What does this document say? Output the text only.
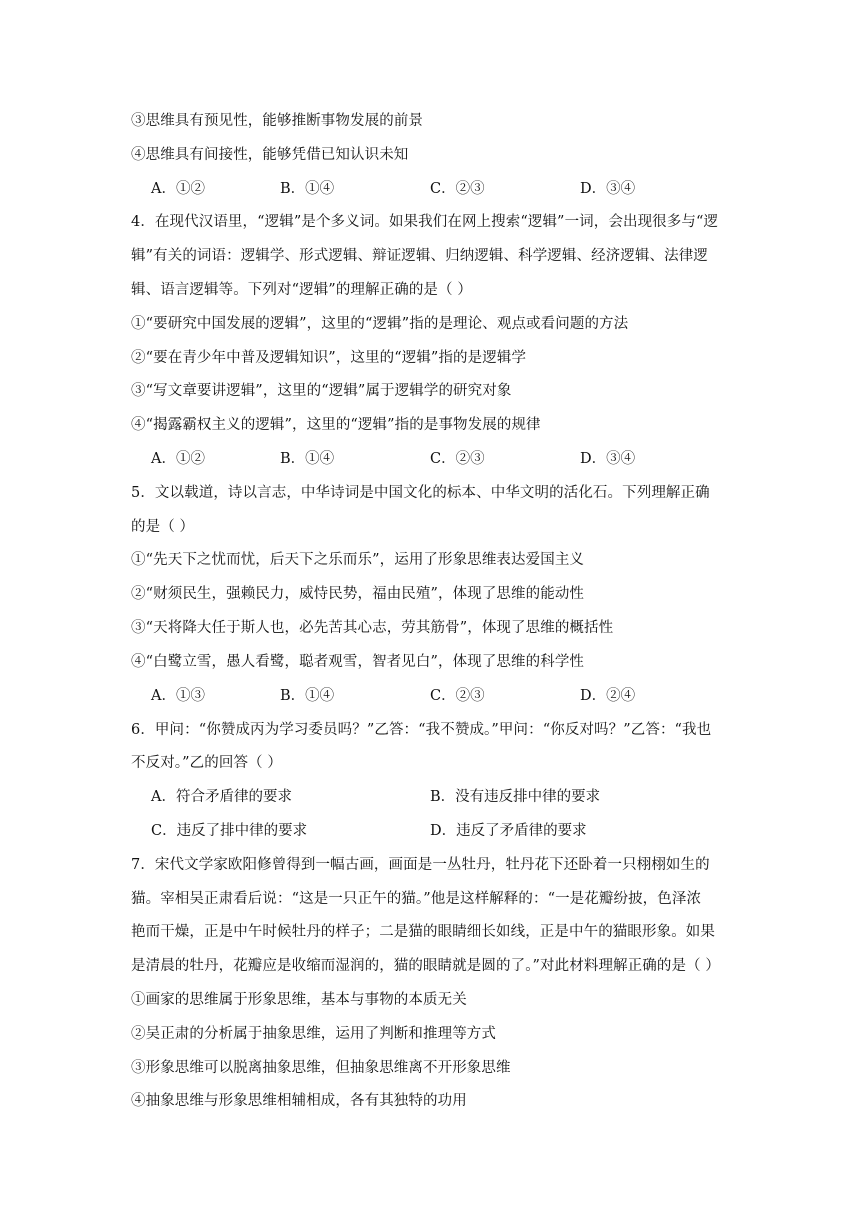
③思维具有预见性，能够推断事物发展的前景
④思维具有间接性，能够凭借已知认识未知
A．①②	B．①④	C．②③	D．③④
4．在现代汉语里，“逻辑”是个多义词。如果我们在网上搜索“逻辑”一词，会出现很多与“逻
辑”有关的词语：逻辑学、形式逻辑、辩证逻辑、归纳逻辑、科学逻辑、经济逻辑、法律逻
辑、语言逻辑等。下列对“逻辑”的理解正确的是（ ）
①“要研究中国发展的逻辑”，这里的“逻辑”指的是理论、观点或看问题的方法
②“要在青少年中普及逻辑知识”，这里的“逻辑”指的是逻辑学
③“写文章要讲逻辑”，这里的“逻辑”属于逻辑学的研究对象
④“揭露霸权主义的逻辑”，这里的“逻辑”指的是事物发展的规律
A．①②	B．①④	C．②③	D．③④
5．文以载道，诗以言志，中华诗词是中国文化的标本、中华文明的活化石。下列理解正确
的是（ ）
①“先天下之忧而忧，后天下之乐而乐”，运用了形象思维表达爱国主义
②“财须民生，强赖民力，威恃民势，福由民殖”，体现了思维的能动性
③“天将降大任于斯人也，必先苦其心志，劳其筋骨”，体现了思维的概括性
④“白鹭立雪，愚人看鹭，聪者观雪，智者见白”，体现了思维的科学性
A．①③	B．①④	C．②③	D．②④
6．甲问：“你赞成丙为学习委员吗？”乙答：“我不赞成。”甲问：“你反对吗？”乙答：“我也
不反对。”乙的回答（ ）
A．符合矛盾律的要求	B．没有违反排中律的要求
C．违反了排中律的要求	D．违反了矛盾律的要求
7．宋代文学家欧阳修曾得到一幅古画，画面是一丛牡丹，牡丹花下还卧着一只栩栩如生的
猫。宰相吴正肃看后说：“这是一只正午的猫。”他是这样解释的：“一是花瓣纷披，色泽浓
艳而干燥，正是中午时候牡丹的样子；二是猫的眼睛细长如线，正是中午的猫眼形象。如果
是清晨的牡丹，花瓣应是收缩而湿润的，猫的眼睛就是圆的了。”对此材料理解正确的是（ ）
①画家的思维属于形象思维，基本与事物的本质无关
②吴正肃的分析属于抽象思维，运用了判断和推理等方式
③形象思维可以脱离抽象思维，但抽象思维离不开形象思维
④抽象思维与形象思维相辅相成，各有其独特的功用
